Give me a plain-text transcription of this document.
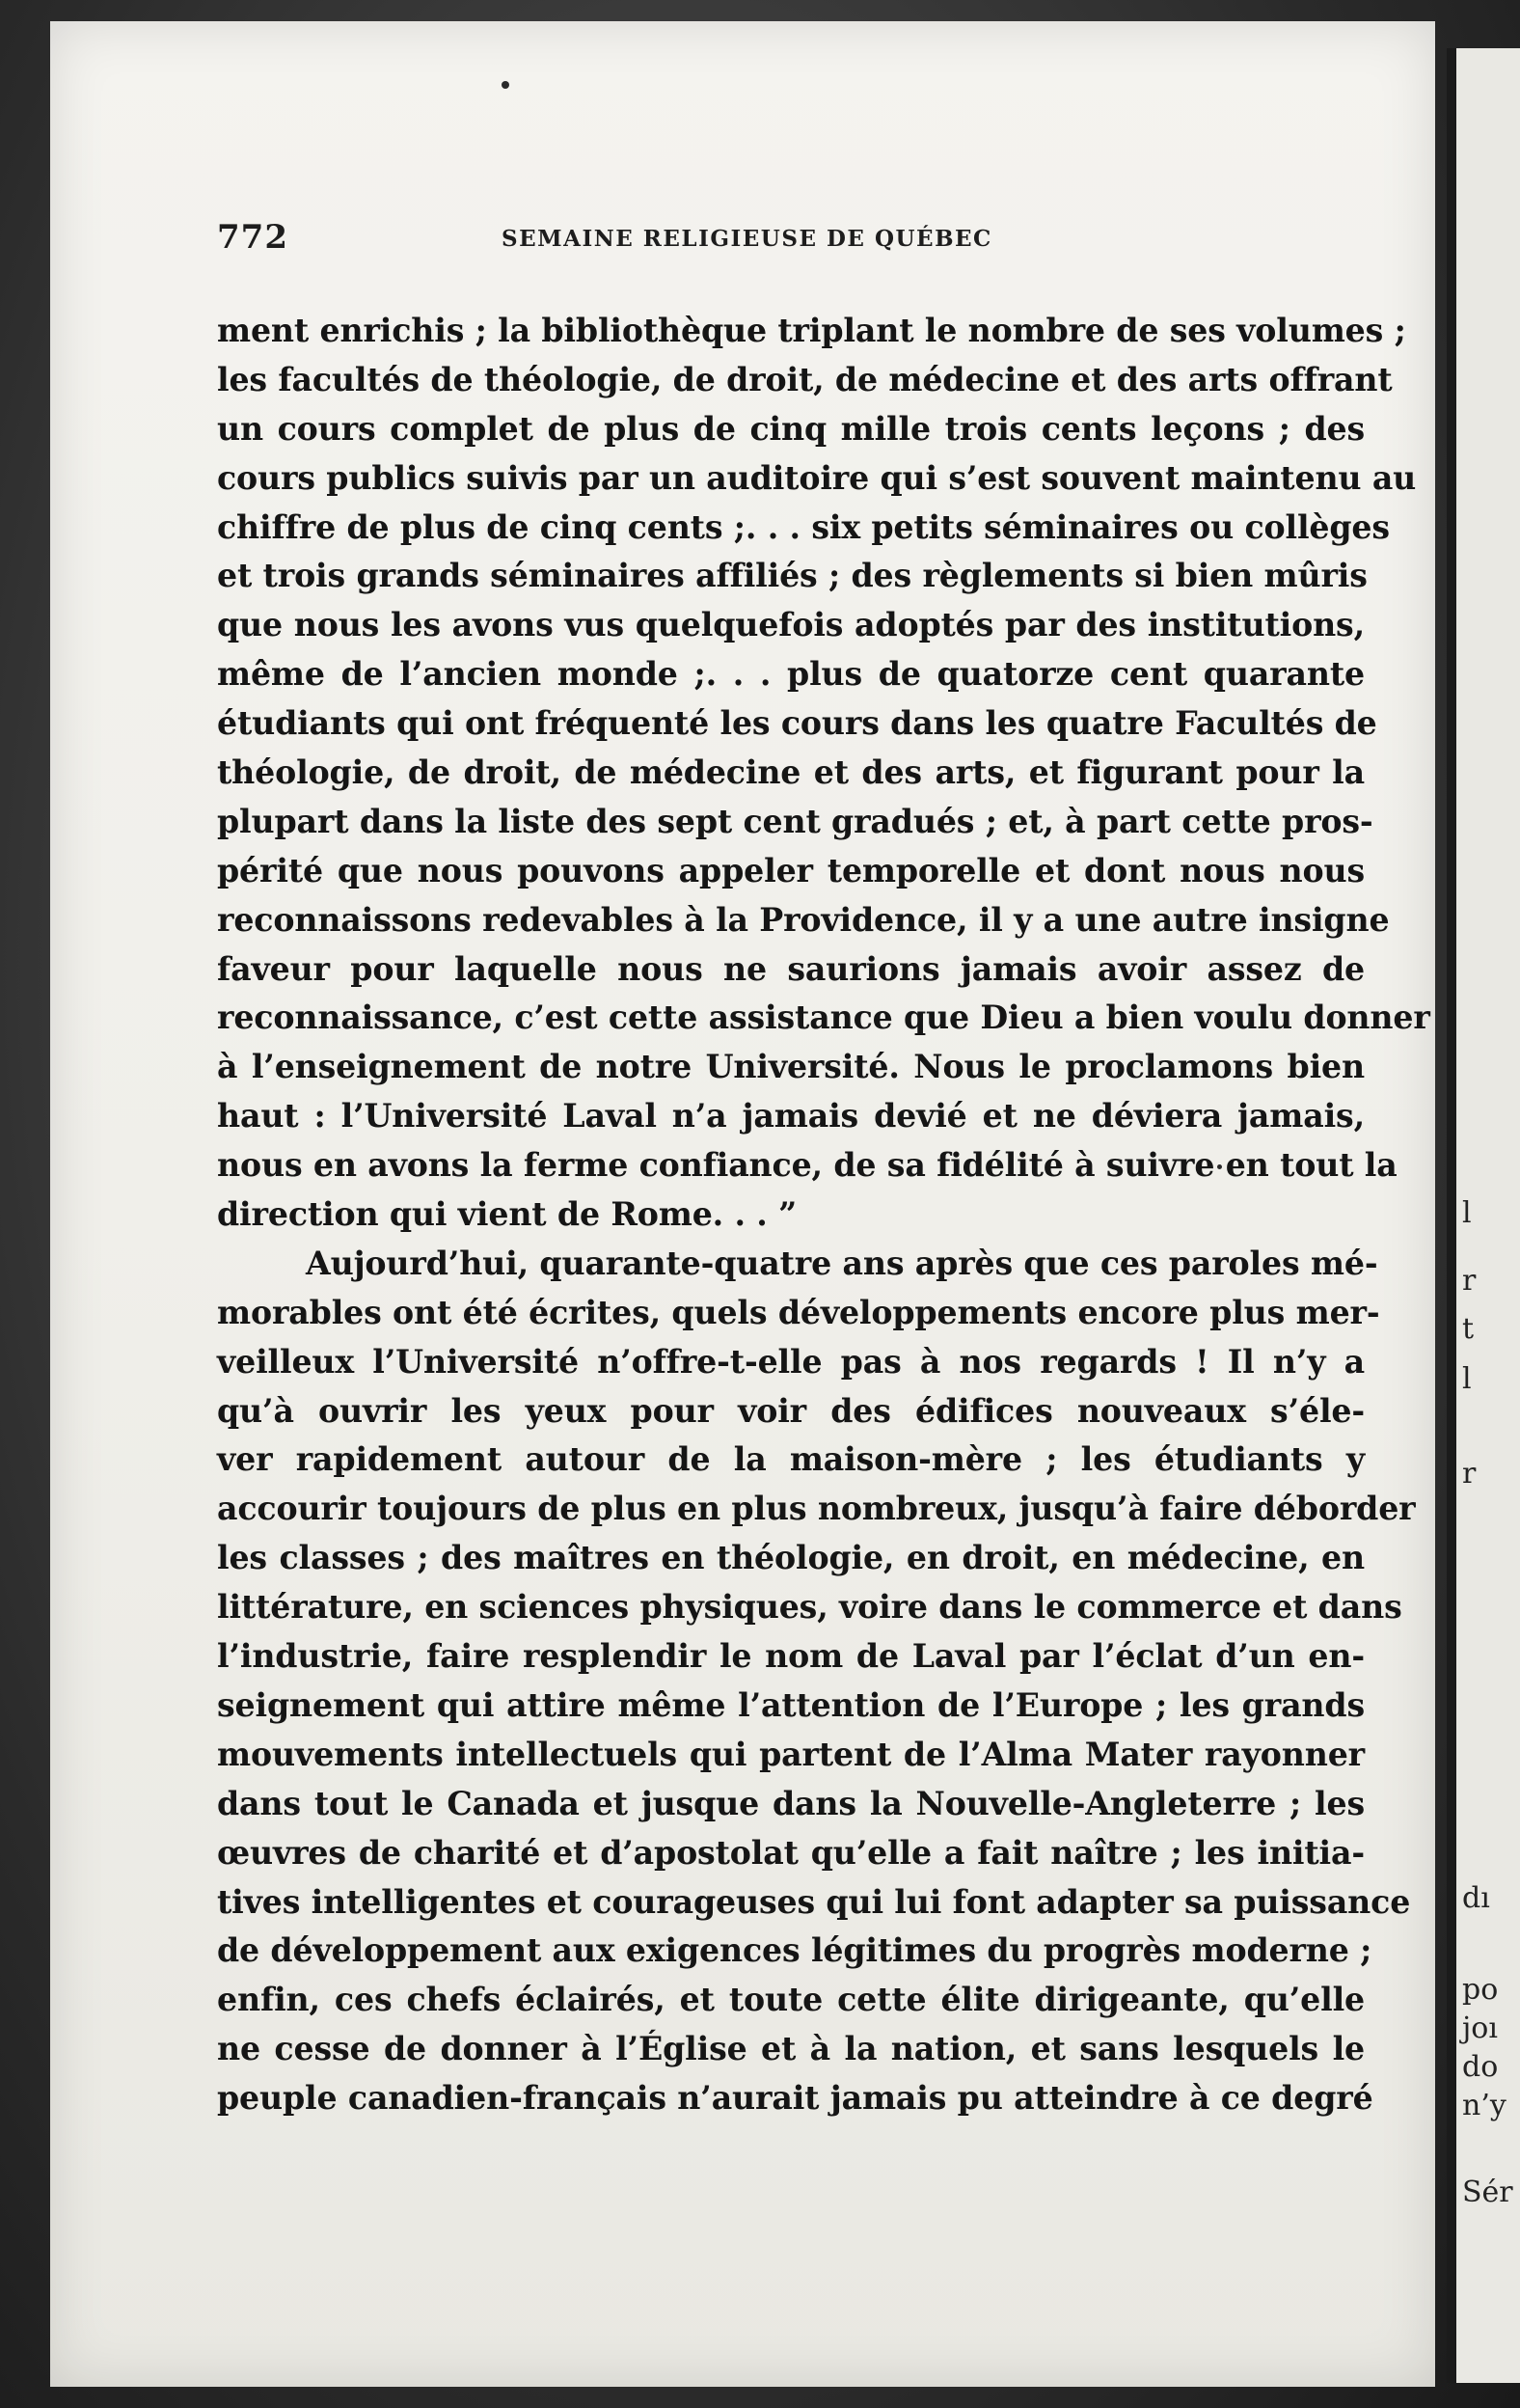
l
r
t
l
r
dı
po
joı
do
n’y
Sér
772	SEMAINE RELIGIEUSE DE QUÉBEC
ment enrichis ; la bibliothèque triplant le nombre de ses volumes ;
les facultés de théologie, de droit, de médecine et des arts offrant
un cours complet de plus de cinq mille trois cents leçons ; des
cours publics suivis par un auditoire qui s’est souvent maintenu au
chiffre de plus de cinq cents ;. . . six petits séminaires ou collèges
et trois grands séminaires affiliés ; des règlements si bien mûris
que nous les avons vus quelquefois adoptés par des institutions,
même de l’ancien monde ;. . . plus de quatorze cent quarante
étudiants qui ont fréquenté les cours dans les quatre Facultés de
théologie, de droit, de médecine et des arts, et figurant pour la
plupart dans la liste des sept cent gradués ; et, à part cette pros-
périté que nous pouvons appeler temporelle et dont nous nous
reconnaissons redevables à la Providence, il y a une autre insigne
faveur pour laquelle nous ne saurions jamais avoir assez de
reconnaissance, c’est cette assistance que Dieu a bien voulu donner
à l’enseignement de notre Université. Nous le proclamons bien
haut : l’Université Laval n’a jamais devié et ne déviera jamais,
nous en avons la ferme confiance, de sa fidélité à suivre en tout la
direction qui vient de Rome. . . ”
Aujourd’hui, quarante-quatre ans après que ces paroles mé-
morables ont été écrites, quels développements encore plus mer-
veilleux l’Université n’offre-t-elle pas à nos regards ! Il n’y a
qu’à ouvrir les yeux pour voir des édifices nouveaux s’éle-
ver rapidement autour de la maison-mère ; les étudiants y
accourir toujours de plus en plus nombreux, jusqu’à faire déborder
les classes ; des maîtres en théologie, en droit, en médecine, en
littérature, en sciences physiques, voire dans le commerce et dans
l’industrie, faire resplendir le nom de Laval par l’éclat d’un en-
seignement qui attire même l’attention de l’Europe ; les grands
mouvements intellectuels qui partent de l’Alma Mater rayonner
dans tout le Canada et jusque dans la Nouvelle-Angleterre ; les
œuvres de charité et d’apostolat qu’elle a fait naître ; les initia-
tives intelligentes et courageuses qui lui font adapter sa puissance
de développement aux exigences légitimes du progrès moderne ;
enfin, ces chefs éclairés, et toute cette élite dirigeante, qu’elle
ne cesse de donner à l’Église et à la nation, et sans lesquels le
peuple canadien-français n’aurait jamais pu atteindre à ce degré
